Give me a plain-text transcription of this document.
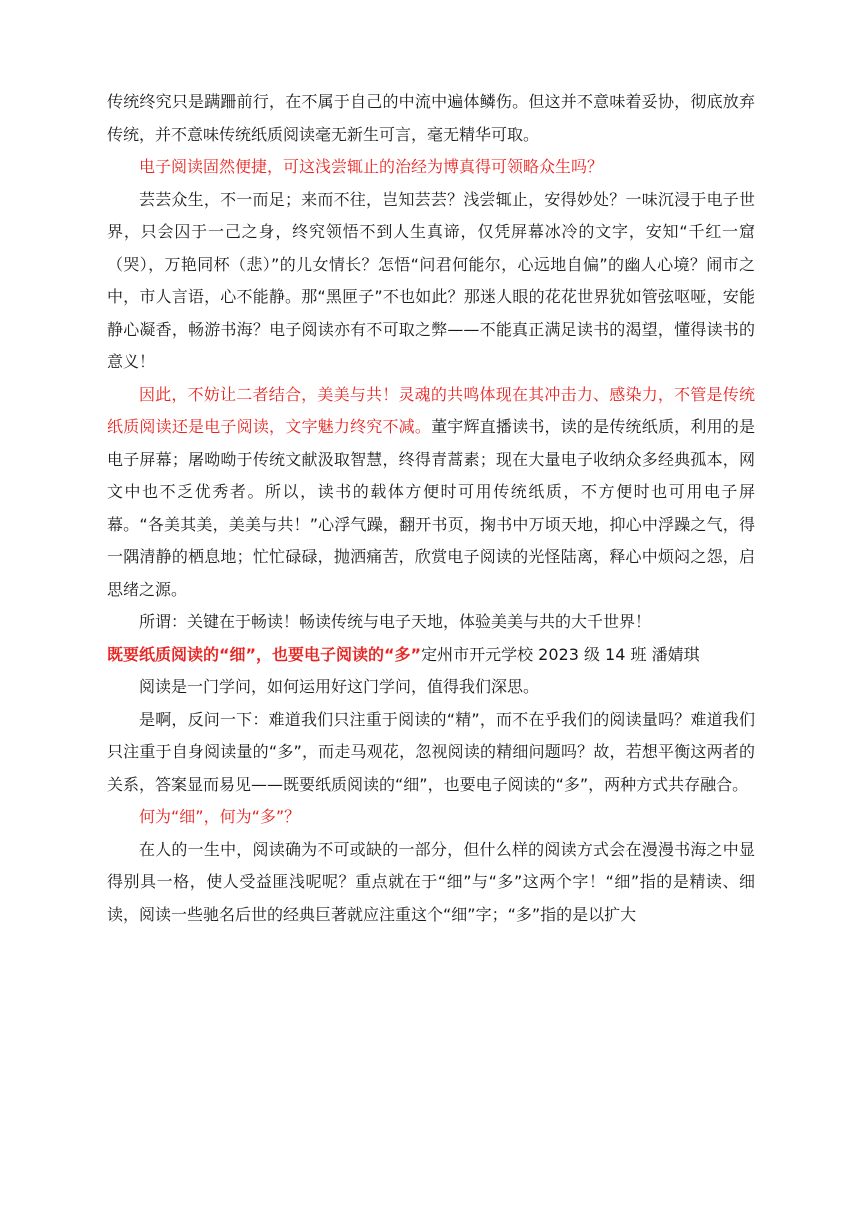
传统终究只是蹒跚前行，在不属于自己的中流中遍体鳞伤。但这并不意味着妥协，彻底放弃传统，并不意味传统纸质阅读毫无新生可言，毫无精华可取。

电子阅读固然便捷，可这浅尝辄止的治经为博真得可领略众生吗？

芸芸众生，不一而足；来而不往，岂知芸芸？浅尝辄止，安得妙处？一味沉浸于电子世界，只会囚于一己之身，终究领悟不到人生真谛，仅凭屏幕冰冷的文字，安知“千红一窟（哭），万艳同杯（悲）”的儿女情长？怎悟“问君何能尔，心远地自偏”的幽人心境？闹市之中，市人言语，心不能静。那“黑匣子”不也如此？那迷人眼的花花世界犹如管弦呕哑，安能静心凝香，畅游书海？电子阅读亦有不可取之弊——不能真正满足读书的渴望，懂得读书的意义！

因此，不妨让二者结合，美美与共！灵魂的共鸣体现在其冲击力、感染力，不管是传统纸质阅读还是电子阅读，文字魅力终究不减。董宇辉直播读书，读的是传统纸质，利用的是电子屏幕；屠呦呦于传统文献汲取智慧，终得青蒿素；现在大量电子收纳众多经典孤本，网文中也不乏优秀者。所以，读书的载体方便时可用传统纸质，不方便时也可用电子屏幕。“各美其美，美美与共！”心浮气躁，翻开书页，掬书中万顷天地，抑心中浮躁之气，得一隅清静的栖息地；忙忙碌碌，抛洒痛苦，欣赏电子阅读的光怪陆离，释心中烦闷之怨，启思绪之源。

所谓：关键在于畅读！畅读传统与电子天地，体验美美与共的大千世界！

既要纸质阅读的“细”，也要电子阅读的“多”定州市开元学校 2023 级 14 班 潘婧琪

阅读是一门学问，如何运用好这门学问，值得我们深思。

是啊，反问一下：难道我们只注重于阅读的“精”，而不在乎我们的阅读量吗？难道我们只注重于自身阅读量的“多”，而走马观花，忽视阅读的精细问题吗？故，若想平衡这两者的关系，答案显而易见——既要纸质阅读的“细”，也要电子阅读的“多”，两种方式共存融合。

何为“细”，何为“多”？

在人的一生中，阅读确为不可或缺的一部分，但什么样的阅读方式会在漫漫书海之中显得别具一格，使人受益匪浅呢呢？重点就在于“细”与“多”这两个字！“细”指的是精读、细读，阅读一些驰名后世的经典巨著就应注重这个“细”字；“多”指的是以扩大
